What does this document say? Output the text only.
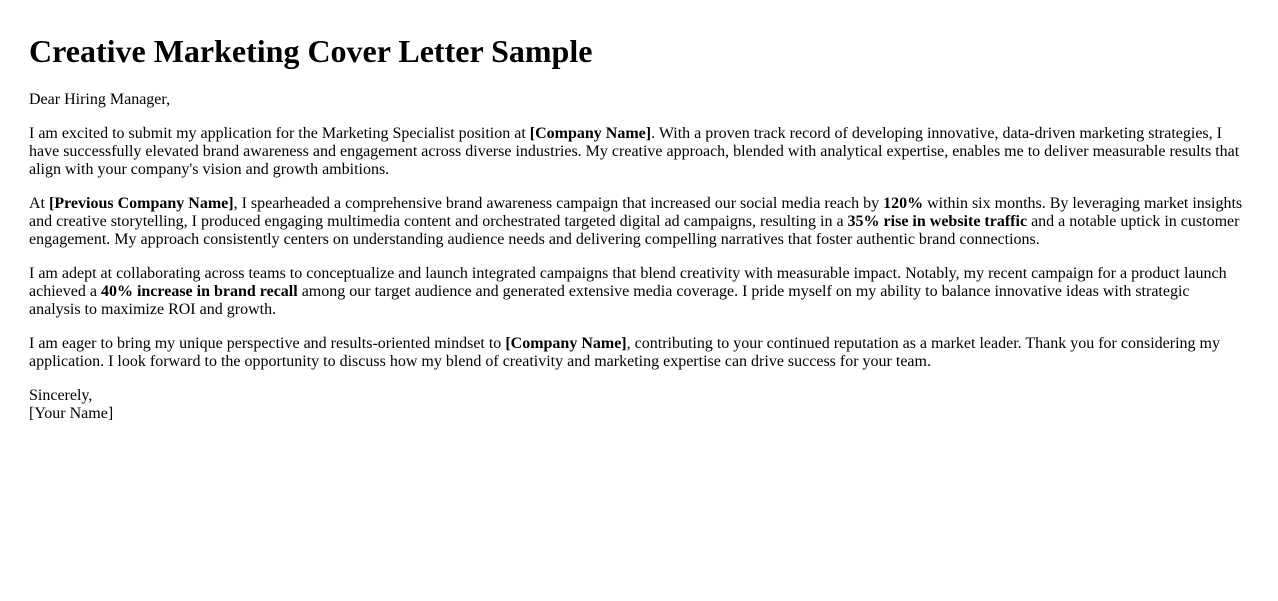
Creative Marketing Cover Letter Sample

Dear Hiring Manager,

I am excited to submit my application for the Marketing Specialist position at [Company Name]. With a proven track record of developing innovative, data-driven marketing strategies, I have successfully elevated brand awareness and engagement across diverse industries. My creative approach, blended with analytical expertise, enables me to deliver measurable results that align with your company's vision and growth ambitions.

At [Previous Company Name], I spearheaded a comprehensive brand awareness campaign that increased our social media reach by 120% within six months. By leveraging market insights and creative storytelling, I produced engaging multimedia content and orchestrated targeted digital ad campaigns, resulting in a 35% rise in website traffic and a notable uptick in customer engagement. My approach consistently centers on understanding audience needs and delivering compelling narratives that foster authentic brand connections.

I am adept at collaborating across teams to conceptualize and launch integrated campaigns that blend creativity with measurable impact. Notably, my recent campaign for a product launch achieved a 40% increase in brand recall among our target audience and generated extensive media coverage. I pride myself on my ability to balance innovative ideas with strategic analysis to maximize ROI and growth.

I am eager to bring my unique perspective and results-oriented mindset to [Company Name], contributing to your continued reputation as a market leader. Thank you for considering my application. I look forward to the opportunity to discuss how my blend of creativity and marketing expertise can drive success for your team.

Sincerely,
[Your Name]
